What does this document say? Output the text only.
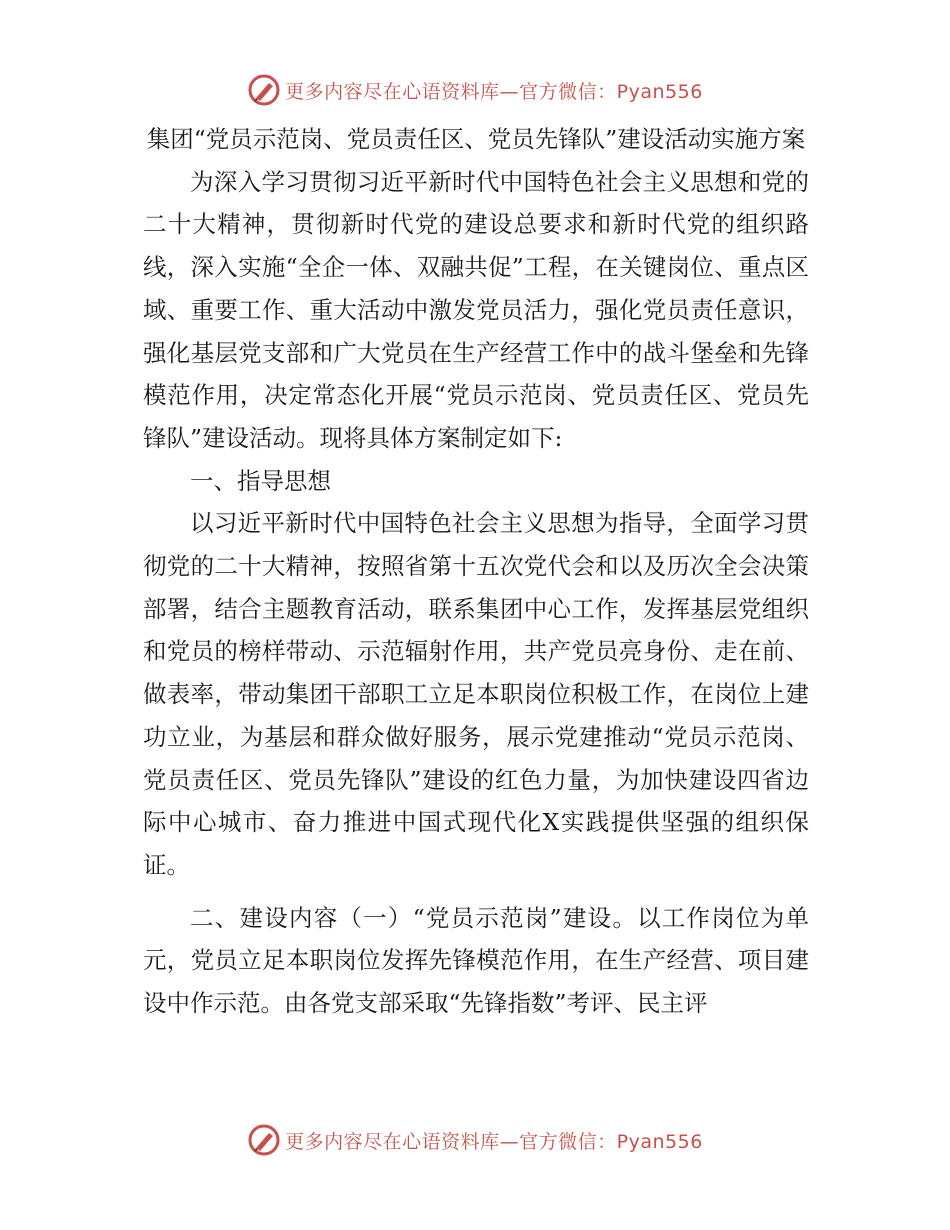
更多内容尽在心语资料库—官方微信：Pyan556
集团“党员示范岗、党员责任区、党员先锋队”建设活动实施方案

为深入学习贯彻习近平新时代中国特色社会主义思想和党的二十大精神，贯彻新时代党的建设总要求和新时代党的组织路线，深入实施“全企一体、双融共促”工程，在关键岗位、重点区域、重要工作、重大活动中激发党员活力，强化党员责任意识，强化基层党支部和广大党员在生产经营工作中的战斗堡垒和先锋模范作用，决定常态化开展“党员示范岗、党员责任区、党员先锋队”建设活动。现将具体方案制定如下:

一、指导思想

以习近平新时代中国特色社会主义思想为指导，全面学习贯彻党的二十大精神，按照省第十五次党代会和以及历次全会决策部署，结合主题教育活动，联系集团中心工作，发挥基层党组织和党员的榜样带动、示范辐射作用，共产党员亮身份、走在前、做表率，带动集团干部职工立足本职岗位积极工作，在岗位上建功立业，为基层和群众做好服务，展示党建推动“党员示范岗、党员责任区、党员先锋队”建设的红色力量，为加快建设四省边际中心城市、奋力推进中国式现代化X实践提供坚强的组织保证。

二、建设内容（一）“党员示范岗”建设。以工作岗位为单元，党员立足本职岗位发挥先锋模范作用，在生产经营、项目建设中作示范。由各党支部采取“先锋指数”考评、民主评

更多内容尽在心语资料库—官方微信：Pyan556
